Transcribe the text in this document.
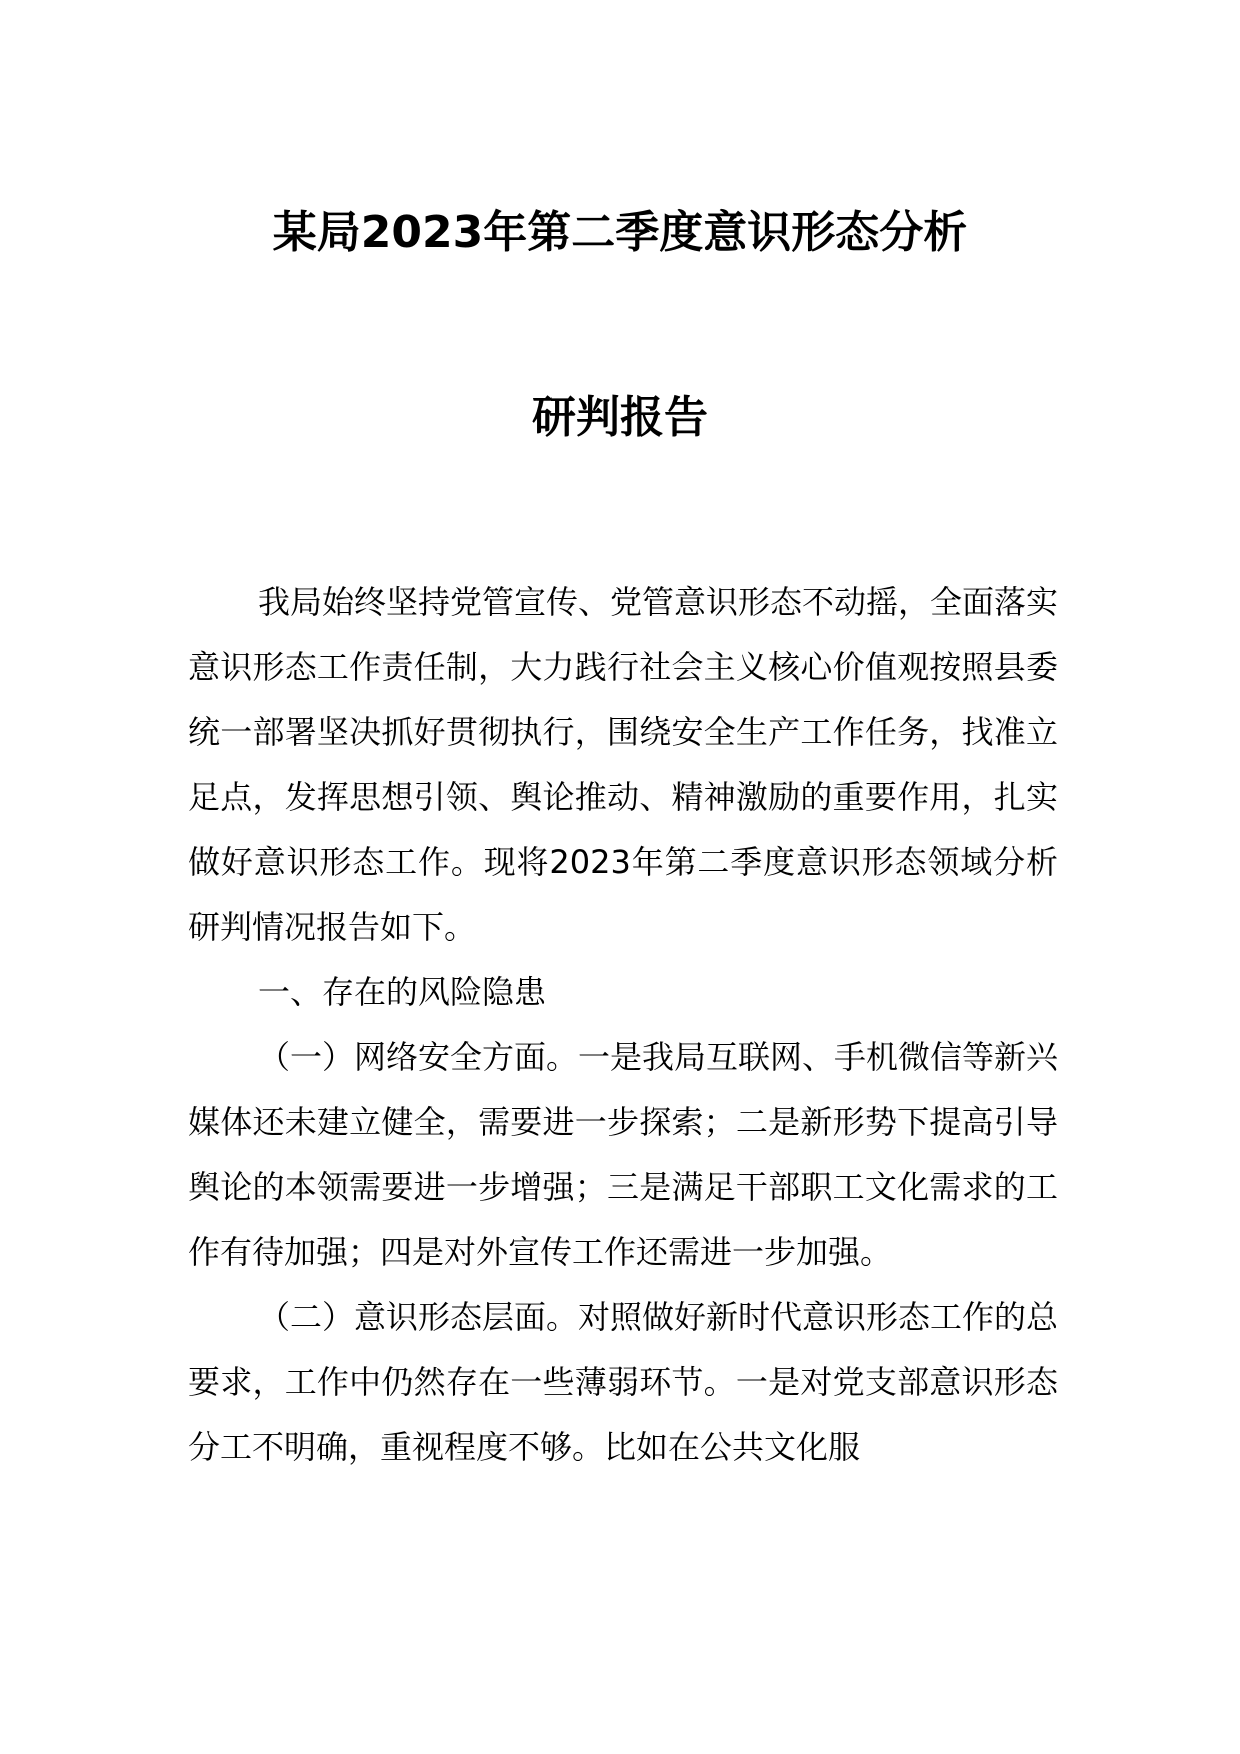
某局2023年第二季度意识形态分析
研判报告

我局始终坚持党管宣传、党管意识形态不动摇，全面落实意识形态工作责任制，大力践行社会主义核心价值观按照县委统一部署坚决抓好贯彻执行，围绕安全生产工作任务，找准立足点，发挥思想引领、舆论推动、精神激励的重要作用，扎实做好意识形态工作。现将2023年第二季度意识形态领域分析研判情况报告如下。

一、存在的风险隐患

（一）网络安全方面。一是我局互联网、手机微信等新兴媒体还未建立健全，需要进一步探索；二是新形势下提高引导舆论的本领需要进一步增强；三是满足干部职工文化需求的工作有待加强；四是对外宣传工作还需进一步加强。

（二）意识形态层面。对照做好新时代意识形态工作的总要求，工作中仍然存在一些薄弱环节。一是对党支部意识形态分工不明确，重视程度不够。比如在公共文化服
